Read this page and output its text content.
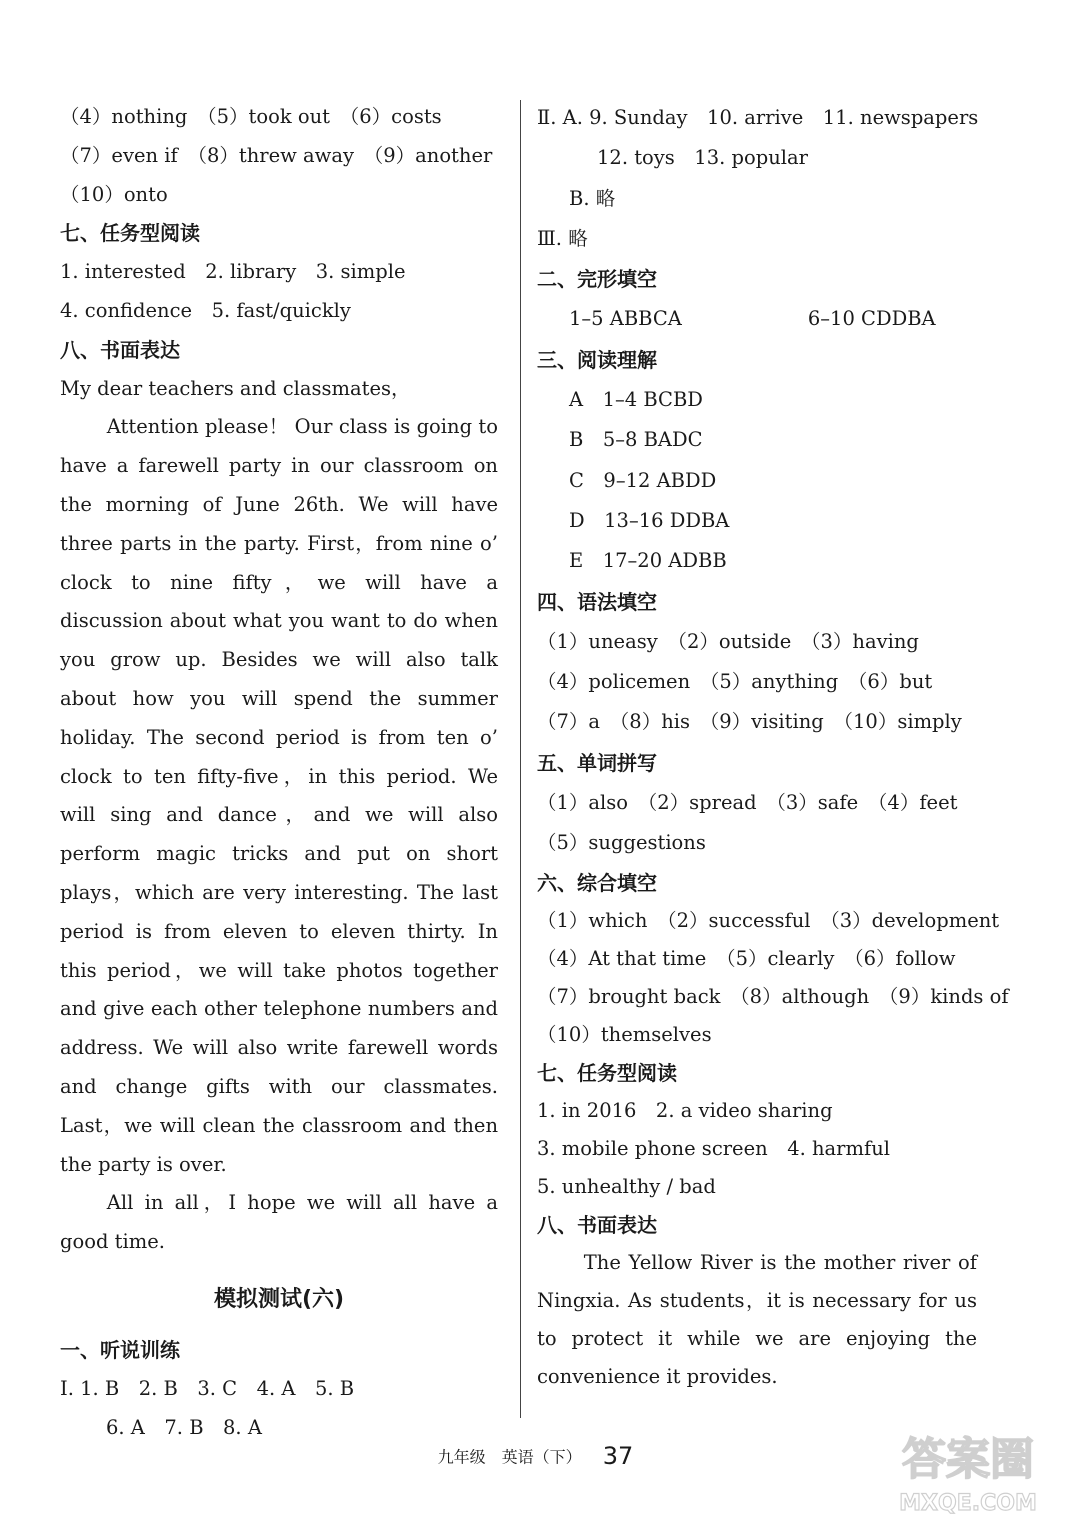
（4）nothing　（5）took out　（6）costs
（7）even if　（8）threw away　（9）another
（10）onto
七、任务型阅读
1. interested　2. library　3. simple
4. confidence　5. fast/quickly
八、书面表达
My dear teachers and classmates，

Attention please！ Our class is going to have a farewell party in our classroom on the morning of June 26th. We will have three parts in the party. First，from nine o’ clock to nine fifty，we will have a discussion about what you want to do when you grow up. Besides we will also talk about how you will spend the summer holiday. The second period is from ten o’ clock to ten fifty-five，in this period. We will sing and dance，and we will also perform magic tricks and put on short plays，which are very interesting. The last period is from eleven to eleven thirty. In this period，we will take photos together and give each other telephone numbers and address. We will also write farewell words and change gifts with our classmates. Last，we will clean the classroom and then the party is over.

All in all，I hope we will all have a good time.

模拟测试(六)
一、听说训练
Ⅰ. 1. B　2. B　3. C　4. A　5. B
6. A　7. B　8. A
Ⅱ. A. 9. Sunday　10. arrive　11. newspapers
12. toys　13. popular
B. 略
Ⅲ. 略
二、完形填空
1–5 ABBCA	6–10 CDDBA
三、阅读理解
A　1–4 BCBD
B　5–8 BADC
C　9–12 ABDD
D　13–16 DDBA
E　17–20 ADBB
四、语法填空
（1）uneasy　（2）outside　（3）having
（4）policemen　（5）anything　（6）but
（7）a　（8）his　（9）visiting　（10）simply
五、单词拼写
（1）also　（2）spread　（3）safe　（4）feet
（5）suggestions
六、综合填空
（1）which　（2）successful　（3）development
（4）At that time　（5）clearly　（6）follow
（7）brought back　（8）although　（9）kinds of
（10）themselves
七、任务型阅读
1. in 2016　2. a video sharing
3. mobile phone screen　4. harmful
5. unhealthy / bad
八、书面表达

The Yellow River is the mother river of Ningxia. As students，it is necessary for us to protect it while we are enjoying the convenience it provides.

九年级　英语（下） 37	答案圈
MXQE.COM
